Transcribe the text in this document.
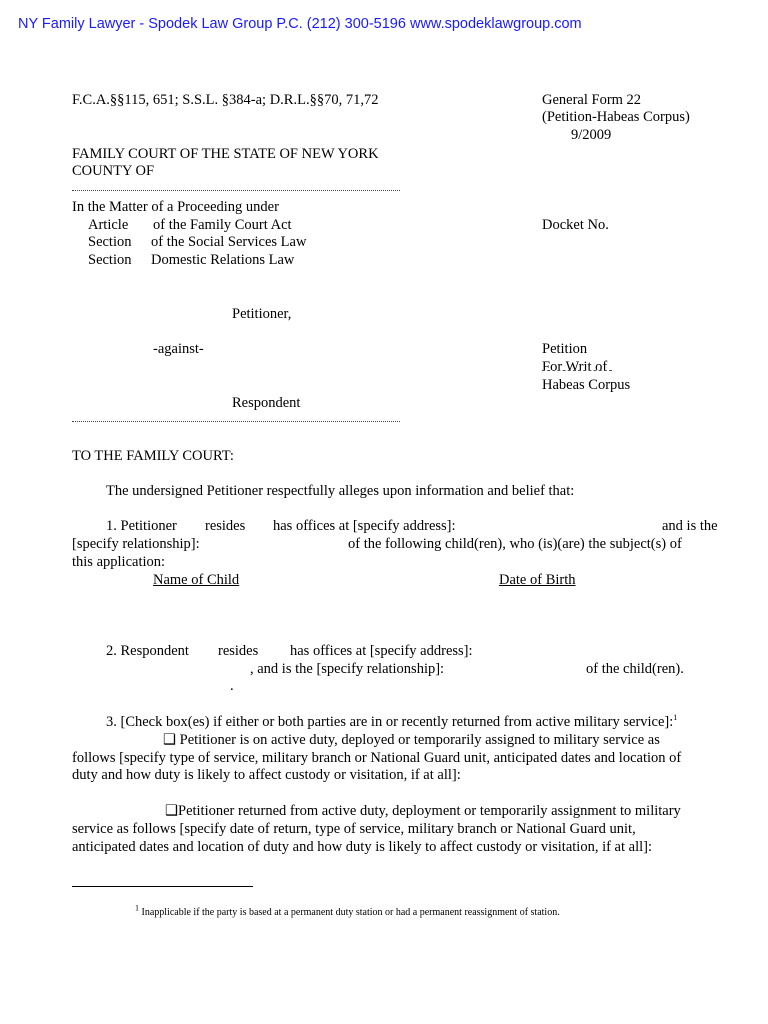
NY Family Lawyer - Spodek Law Group P.C. (212) 300-5196 www.spodeklawgroup.com
F.C.A.§§115, 651; S.S.L. §384-a; D.R.L.§§70, 71,72	General Form 22
(Petition-Habeas Corpus)
9/2009
FAMILY COURT OF THE STATE OF NEW YORK
COUNTY OF
In the Matter of a Proceeding under
Article of the Family Court Act
Section of the Social Services Law
Section Domestic Relations Law
Docket No.
Petitioner,
-against-	Petition
For Writ of
Habeas Corpus
Respondent
TO THE FAMILY COURT:
The undersigned Petitioner respectfully alleges upon information and belief that:
1. Petitioner resides has offices at [specify address]:	and is the
[specify relationship]:	of the following child(ren), who (is)(are) the subject(s) of
this application:
Name of Child	Date of Birth
2. Respondent resides has offices at [specify address]:
, and is the [specify relationship]:	of the child(ren).
.
3. [Check box(es) if either or both parties are in or recently returned from active military service]:$^1$
❑ Petitioner is on active duty, deployed or temporarily assigned to military service as
follows [specify type of service, military branch or National Guard unit, anticipated dates and location of
duty and how duty is likely to affect custody or visitation, if at all]:
❑Petitioner returned from active duty, deployment or temporarily assignment to military
service as follows [specify date of return, type of service, military branch or National Guard unit,
anticipated dates and location of duty and how duty is likely to affect custody or visitation, if at all]:
$^1$ Inapplicable if the party is based at a permanent duty station or had a permanent reassignment of station.
